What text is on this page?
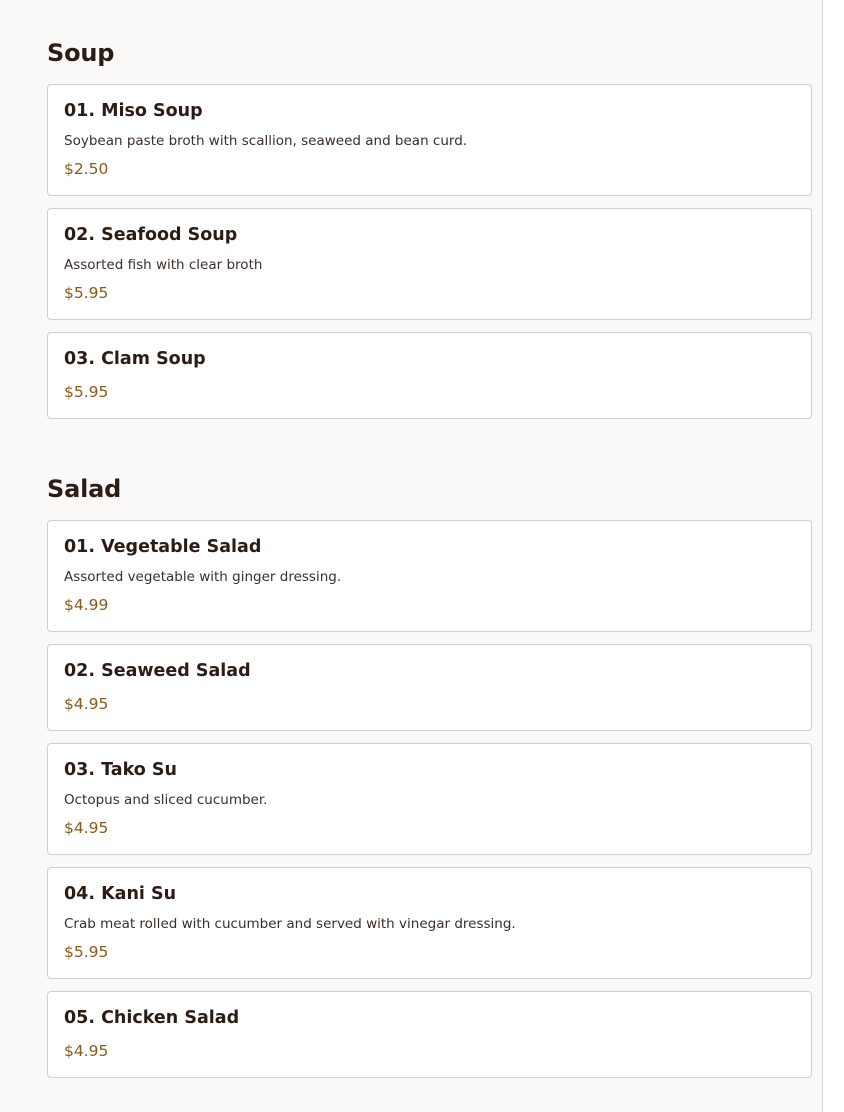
Soup
01. Miso Soup
Soybean paste broth with scallion, seaweed and bean curd.
$2.50
02. Seafood Soup
Assorted fish with clear broth
$5.95
03. Clam Soup
$5.95
Salad
01. Vegetable Salad
Assorted vegetable with ginger dressing.
$4.99
02. Seaweed Salad
$4.95
03. Tako Su
Octopus and sliced cucumber.
$4.95
04. Kani Su
Crab meat rolled with cucumber and served with vinegar dressing.
$5.95
05. Chicken Salad
$4.95
